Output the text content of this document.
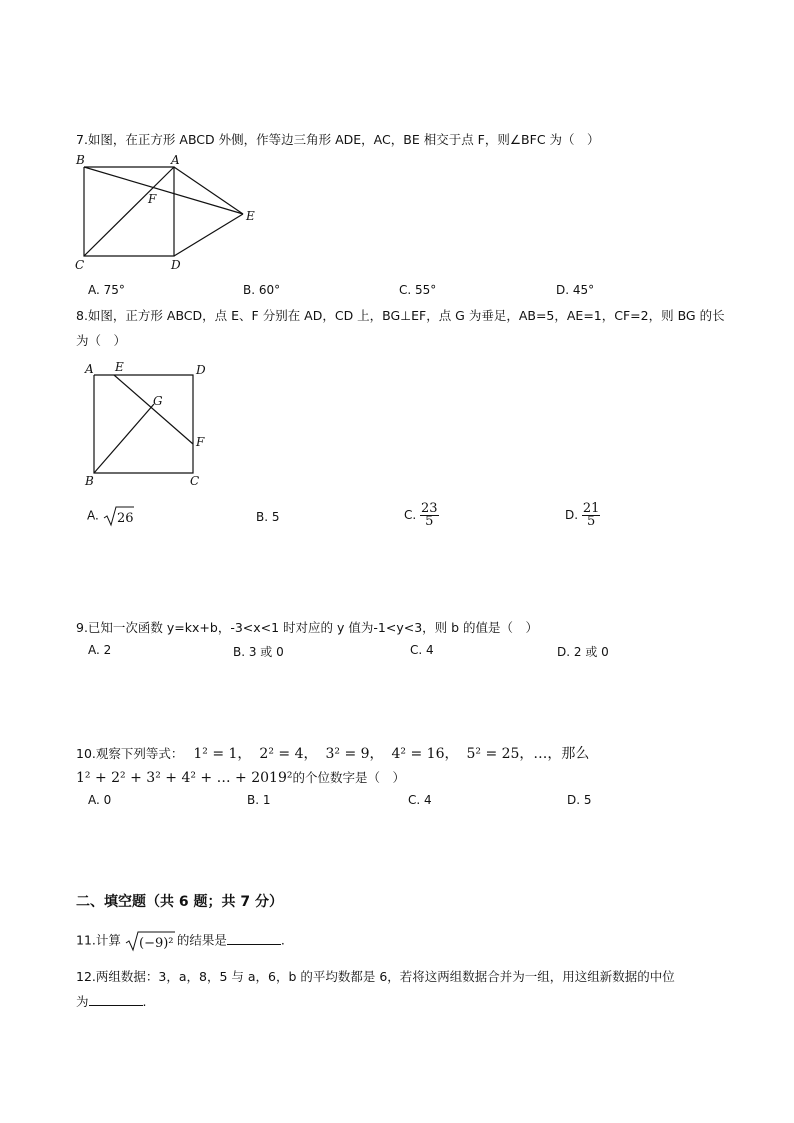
7.如图，在正方形 ABCD 外侧，作等边三角形 ADE，AC，BE 相交于点 F，则∠BFC 为（　）
B	A
F
E
C	D
A. 75°	B. 60°	C. 55°	D. 45°
8.如图，正方形 ABCD，点 E、F 分别在 AD，CD 上，BG⊥EF，点 G 为垂足，AB=5，AE=1，CF=2，则 BG 的长
为（　）
A E	D
G
F
B	C
A. 26	B. 5	C. $\frac{23}{5}$	D. $\frac{21}{5}$
9.已知一次函数 y=kx+b，-3<x<1 时对应的 y 值为-1<y<3，则 b 的值是（　）
A. 2	B. 3 或 0	C. 4	D. 2 或 0
10.观察下列等式： 1² = 1， 2² = 4， 3² = 9， 4² = 16， 5² = 25，…，那么
1² + 2² + 3² + 4² + … + 2019²的个位数字是（　）
A. 0	B. 1	C. 4	D. 5
二、填空题（共 6 题；共 7 分）
11.计算 (−9)² 的结果是	.
12.两组数据：3，a，8，5 与 a，6，b 的平均数都是 6，若将这两组数据合并为一组，用这组新数据的中位
为	.
